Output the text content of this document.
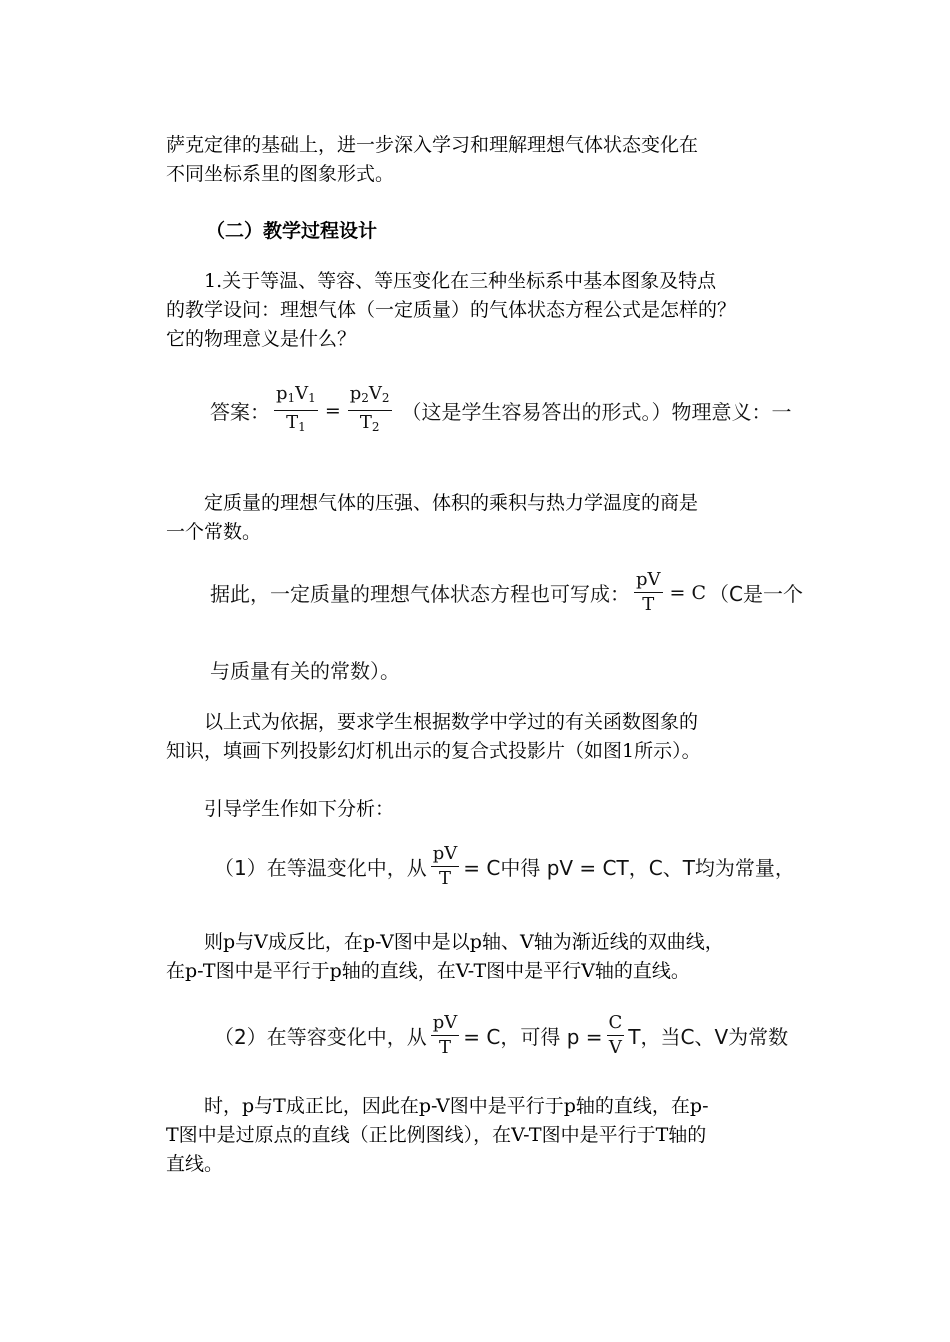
萨克定律的基础上，进一步深入学习和理解理想气体状态变化在
不同坐标系里的图象形式。
（二）教学过程设计
1.关于等温、等容、等压变化在三种坐标系中基本图象及特点
的教学设问：理想气体（一定质量）的气体状态方程公式是怎样的？
它的物理意义是什么？
答案： $\frac{p_1V_1}{T_1} = \frac{p_2V_2}{T_2}$ （这是学生容易答出的形式。）物理意义：一
定质量的理想气体的压强、体积的乘积与热力学温度的商是
一个常数。
据此，一定质量的理想气体状态方程也可写成： $\frac{pV}{T} = C$ （C是一个
与质量有关的常数）。
以上式为依据，要求学生根据数学中学过的有关函数图象的
知识，填画下列投影幻灯机出示的复合式投影片（如图1所示）。
引导学生作如下分析：
（1）在等温变化中，从 $\frac{pV}{T} = C$中得 pV = CT，C、T均为常量，
则p与V成反比，在p-V图中是以p轴、V轴为渐近线的双曲线，
在p-T图中是平行于p轴的直线，在V-T图中是平行V轴的直线。
（2）在等容变化中，从 $\frac{pV}{T} = C$，可得 $p = \frac{C}{V}$ T，当C、V为常数
时，p与T成正比，因此在p-V图中是平行于p轴的直线，在p-
T图中是过原点的直线（正比例图线），在V-T图中是平行于T轴的
直线。
